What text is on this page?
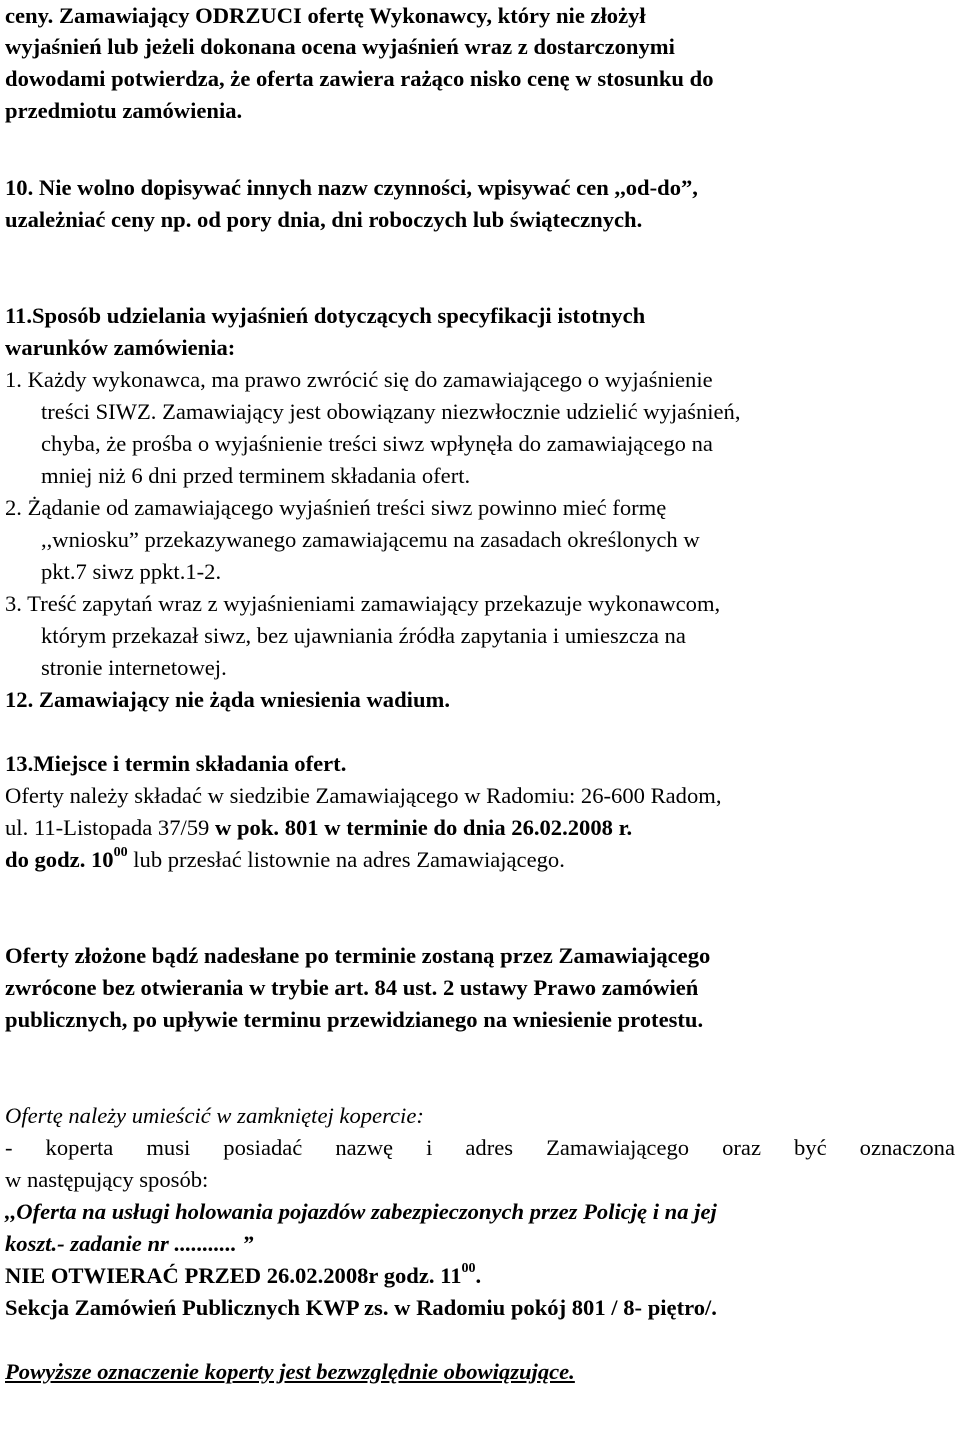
ceny. Zamawiający ODRZUCI ofertę Wykonawcy, który nie złożył
wyjaśnień lub jeżeli dokonana ocena wyjaśnień wraz z dostarczonymi
dowodami potwierdza, że oferta zawiera rażąco nisko cenę w stosunku do
przedmiotu zamówienia.
10. Nie wolno dopisywać innych nazw czynności, wpisywać cen ,,od-do”,
uzależniać ceny np. od pory dnia, dni roboczych lub świątecznych.
11.Sposób udzielania wyjaśnień dotyczących specyfikacji istotnych
warunków zamówienia:
1. Każdy wykonawca, ma prawo zwrócić się do zamawiającego o wyjaśnienie
treści SIWZ. Zamawiający jest obowiązany niezwłocznie udzielić wyjaśnień,
chyba, że prośba o wyjaśnienie treści siwz wpłynęła do zamawiającego na
mniej niż 6 dni przed terminem składania ofert.
2. Żądanie od zamawiającego wyjaśnień treści siwz powinno mieć formę
,,wniosku” przekazywanego zamawiającemu na zasadach określonych w
pkt.7 siwz ppkt.1-2.
3. Treść zapytań wraz z wyjaśnieniami zamawiający przekazuje wykonawcom,
którym przekazał siwz, bez ujawniania źródła zapytania i umieszcza na
stronie internetowej.
12. Zamawiający nie żąda wniesienia wadium.
13.Miejsce i termin składania ofert.
Oferty należy składać w siedzibie Zamawiającego w Radomiu: 26-600 Radom,
ul. 11-Listopada 37/59 w pok. 801 w terminie do dnia 26.02.2008 r.
do godz. $10^{00}$ lub przesłać listownie na adres Zamawiającego.
Oferty złożone bądź nadesłane po terminie zostaną przez Zamawiającego
zwrócone bez otwierania w trybie art. 84 ust. 2 ustawy Prawo zamówień
publicznych, po upływie terminu przewidzianego na wniesienie protestu.
Ofertę należy umieścić w zamkniętej kopercie:
- koperta musi posiadać nazwę i adres Zamawiającego oraz być oznaczona
w następujący sposób:
,,Oferta na usługi holowania pojazdów zabezpieczonych przez Policję i na jej
koszt.- zadanie nr ........... ”
NIE OTWIERAĆ PRZED 26.02.2008r godz. $11^{00}$.
Sekcja Zamówień Publicznych KWP zs. w Radomiu pokój 801 / 8- piętro/.
Powyższe oznaczenie koperty jest bezwzględnie obowiązujące.
